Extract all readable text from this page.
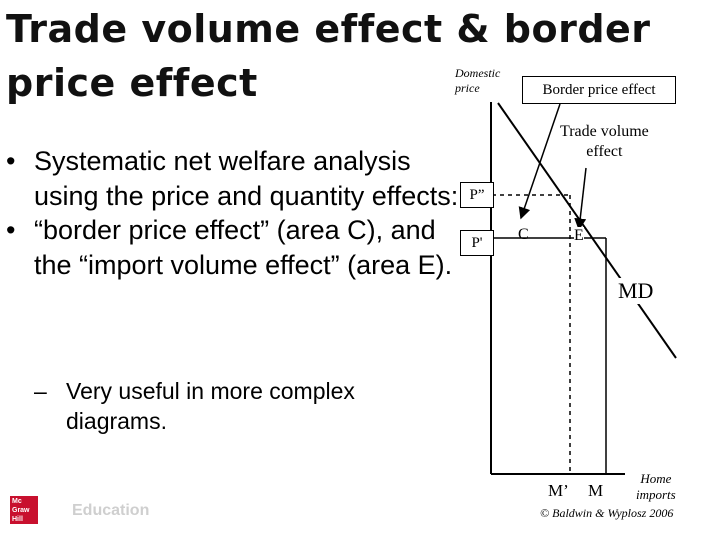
Trade volume effect & border
price effect
• Systematic net welfare analysis using the price and quantity effects:

• “border price effect” (area C), and the “import volume effect” (area E).

– Very useful in more complex diagrams.

Domestic
price	Border price effect
Trade volume
effect
P”
P'	C	E
MD
M’ M
Home
imports
© Baldwin & Wyplosz 2006
Mc
Graw
Hill
Education
